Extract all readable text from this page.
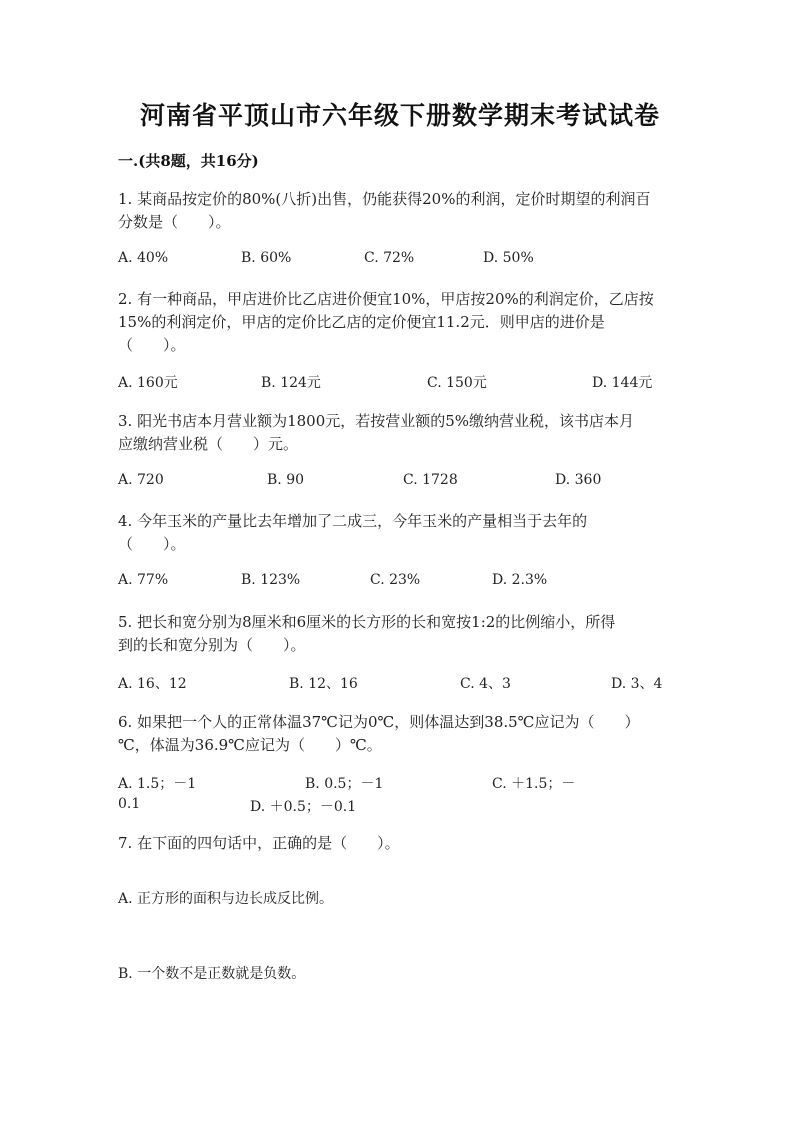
河南省平顶山市六年级下册数学期末考试试卷
一.(共8题，共16分)
1. 某商品按定价的80%(八折)出售，仍能获得20%的利润，定价时期望的利润百
分数是（　　）。
A. 40%	B. 60%	C. 72%	D. 50%
2. 有一种商品，甲店进价比乙店进价便宜10%，甲店按20%的利润定价，乙店按
15%的利润定价，甲店的定价比乙店的定价便宜11.2元．则甲店的进价是
（　　）。
A. 160元	B. 124元	C. 150元	D. 144元
3. 阳光书店本月营业额为1800元，若按营业额的5%缴纳营业税，该书店本月
应缴纳营业税（　　）元。
A. 720	B. 90	C. 1728	D. 360
4. 今年玉米的产量比去年增加了二成三，今年玉米的产量相当于去年的
（　　）。
A. 77%	B. 123%	C. 23%	D. 2.3%
5. 把长和宽分别为8厘米和6厘米的长方形的长和宽按1:2的比例缩小，所得
到的长和宽分别为（　　）。
A. 16、12	B. 12、16	C. 4、3	D. 3、4
6. 如果把一个人的正常体温37℃记为0℃，则体温达到38.5℃应记为（　　）
℃，体温为36.9℃应记为（　　）℃。
A. 1.5；－1	B. 0.5；－1	C. ＋1.5；－
0.1	D. ＋0.5；－0.1
7. 在下面的四句话中，正确的是（　　）。
A. 正方形的面积与边长成反比例。
B. 一个数不是正数就是负数。
